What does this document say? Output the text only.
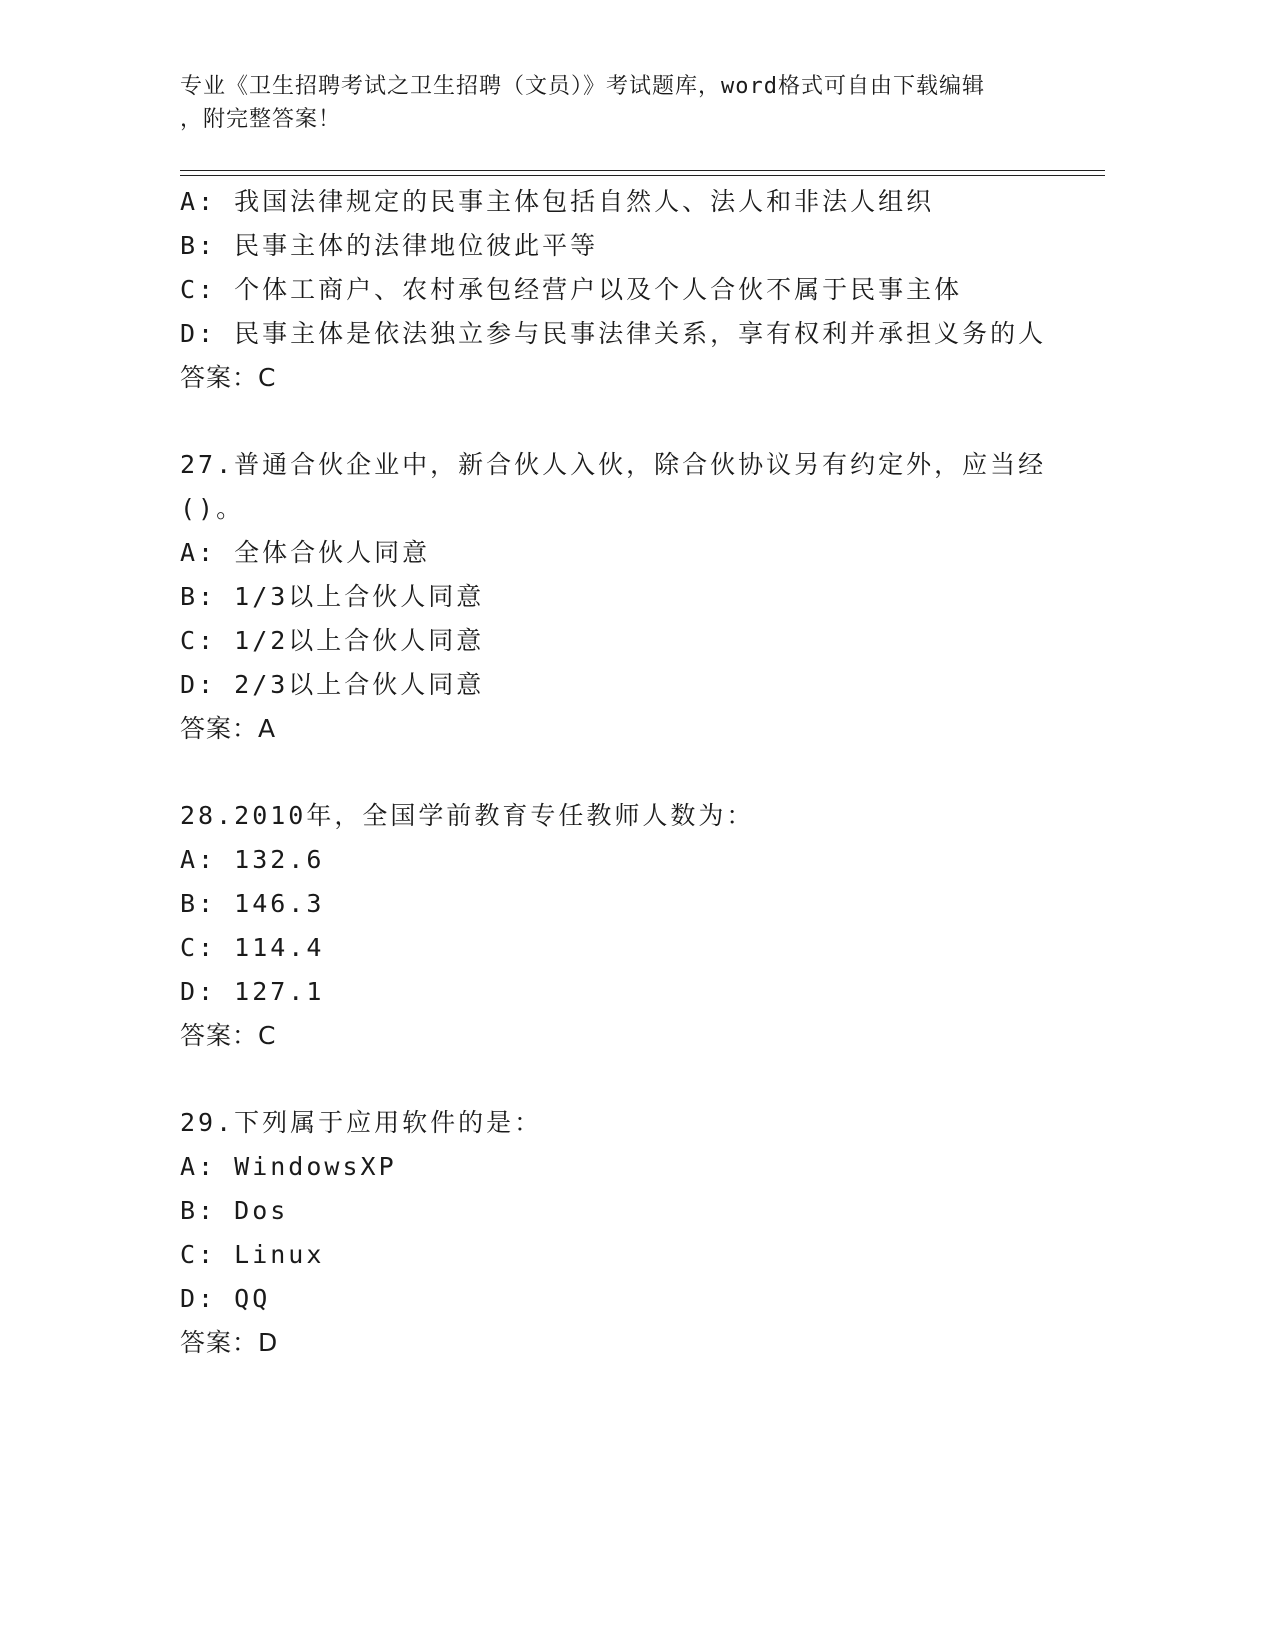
专业《卫生招聘考试之卫生招聘（文员）》考试题库，word格式可自由下载编辑
，附完整答案！
A: 我国法律规定的民事主体包括自然人、法人和非法人组织
B: 民事主体的法律地位彼此平等
C: 个体工商户、农村承包经营户以及个人合伙不属于民事主体
D: 民事主体是依法独立参与民事法律关系，享有权利并承担义务的人
答案：C
27.普通合伙企业中，新合伙人入伙，除合伙协议另有约定外，应当经
()。
A: 全体合伙人同意
B: 1/3以上合伙人同意
C: 1/2以上合伙人同意
D: 2/3以上合伙人同意
答案：A
28.2010年，全国学前教育专任教师人数为：
A: 132.6
B: 146.3
C: 114.4
D: 127.1
答案：C
29.下列属于应用软件的是：
A: WindowsXP
B: Dos
C: Linux
D: QQ
答案：D
